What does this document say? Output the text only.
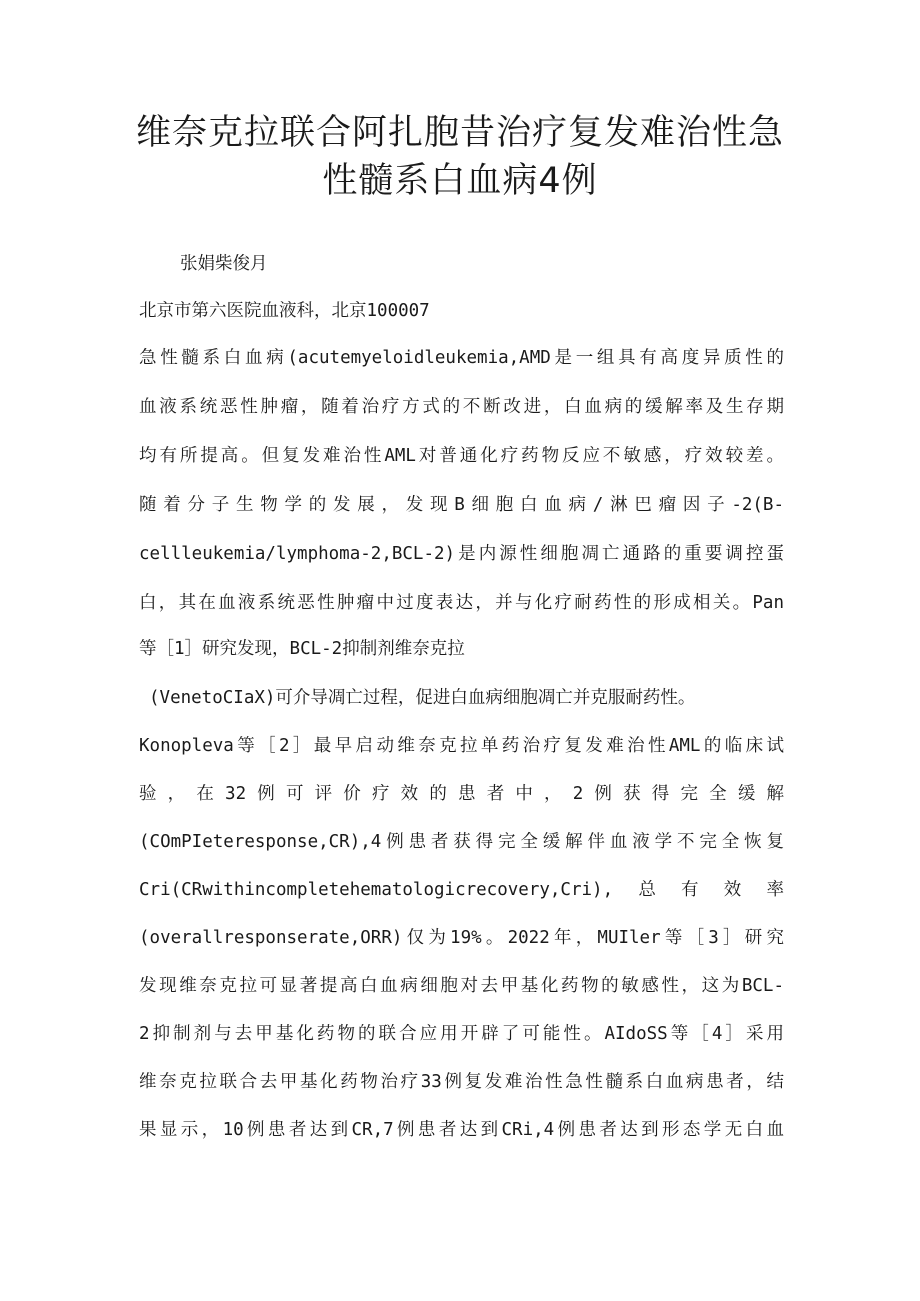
维奈克拉联合阿扎胞昔治疗复发难治性急
性髓系白血病4例
张娟柴俊月
北京市第六医院血液科，北京100007
急性髓系白血病(acutemyeloidleukemia,AMD是一组具有高度异质性的
血液系统恶性肿瘤，随着治疗方式的不断改进，白血病的缓解率及生存期
均有所提高。但复发难治性AML对普通化疗药物反应不敏感，疗效较差。
随着分子生物学的发展，发现B细胞白血病/淋巴瘤因子-2(B-
cellleukemia/lymphoma-2,BCL-2)是内源性细胞凋亡通路的重要调控蛋
白，其在血液系统恶性肿瘤中过度表达，并与化疗耐药性的形成相关。Pan
等［1］研究发现，BCL-2抑制剂维奈克拉
(VenetoCIaX)可介导凋亡过程，促进白血病细胞凋亡并克服耐药性。
Konopleva等［2］最早启动维奈克拉单药治疗复发难治性AML的临床试
验，在32例可评价疗效的患者中，2例获得完全缓解
(COmPIeteresponse,CR),4例患者获得完全缓解伴血液学不完全恢复
Cri(CRwithincompletehematologicrecovery,Cri),　总　有　效　率
(overallresponserate,ORR)仅为19%。2022年，MUIler等［3］研究
发现维奈克拉可显著提高白血病细胞对去甲基化药物的敏感性，这为BCL-
2抑制剂与去甲基化药物的联合应用开辟了可能性。AIdoSS等［4］采用
维奈克拉联合去甲基化药物治疗33例复发难治性急性髓系白血病患者，结
果显示，10例患者达到CR,7例患者达到CRi,4例患者达到形态学无白血
